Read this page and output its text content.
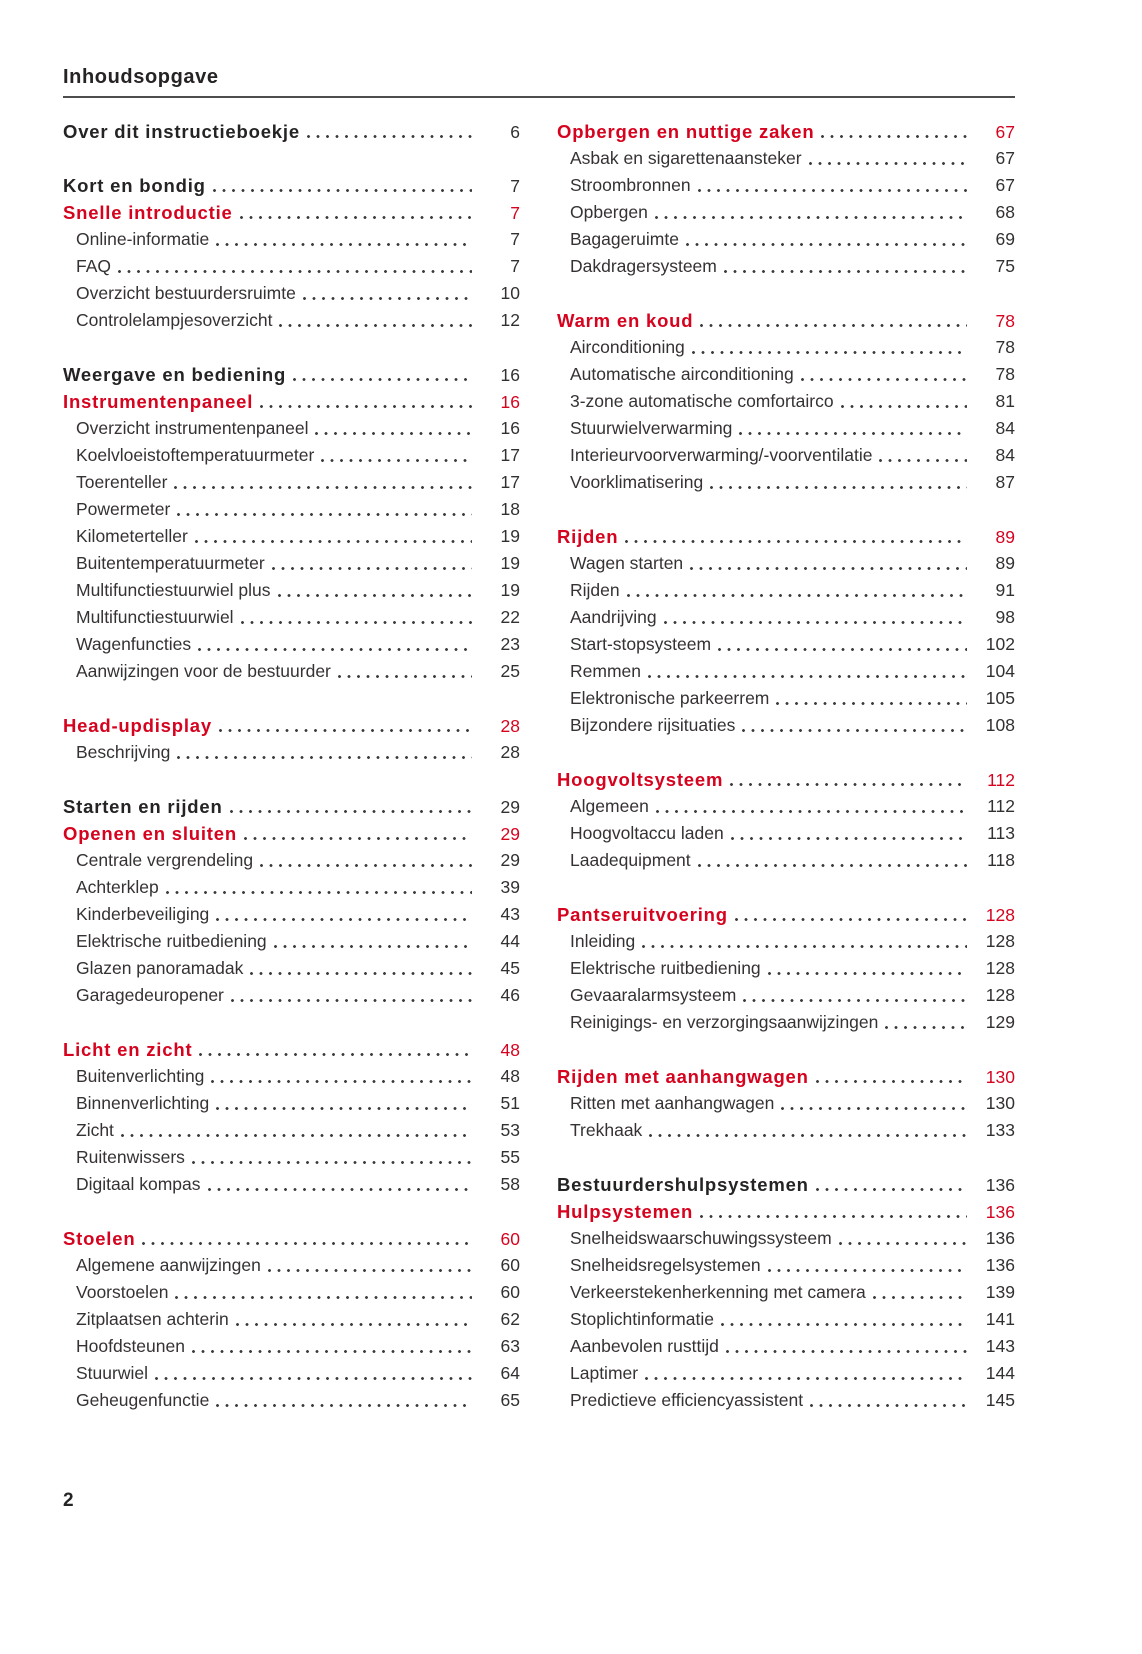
Inhoudsopgave
Over dit instructieboekje	6
Kort en bondig	7
Snelle introductie	7
Online-informatie	7
FAQ	7
Overzicht bestuurdersruimte	10
Controlelampjesoverzicht	12
Weergave en bediening	16
Instrumentenpaneel	16
Overzicht instrumentenpaneel	16
Koelvloeistoftemperatuurmeter	17
Toerenteller	17
Powermeter	18
Kilometerteller	19
Buitentemperatuurmeter	19
Multifunctiestuurwiel plus	19
Multifunctiestuurwiel	22
Wagenfuncties	23
Aanwijzingen voor de bestuurder	25
Head-updisplay	28
Beschrijving	28
Starten en rijden	29
Openen en sluiten	29
Centrale vergrendeling	29
Achterklep	39
Kinderbeveiliging	43
Elektrische ruitbediening	44
Glazen panoramadak	45
Garagedeuropener	46
Licht en zicht	48
Buitenverlichting	48
Binnenverlichting	51
Zicht	53
Ruitenwissers	55
Digitaal kompas	58
Stoelen	60
Algemene aanwijzingen	60
Voorstoelen	60
Zitplaatsen achterin	62
Hoofdsteunen	63
Stuurwiel	64
Geheugenfunctie	65
Opbergen en nuttige zaken	67
Asbak en sigarettenaansteker	67
Stroombronnen	67
Opbergen	68
Bagageruimte	69
Dakdragersysteem	75
Warm en koud	78
Airconditioning	78
Automatische airconditioning	78
3-zone automatische comfortairco	81
Stuurwielverwarming	84
Interieurvoorverwarming/-voorventilatie	84
Voorklimatisering	87
Rijden	89
Wagen starten	89
Rijden	91
Aandrijving	98
Start-stopsysteem	102
Remmen	104
Elektronische parkeerrem	105
Bijzondere rijsituaties	108
Hoogvoltsysteem	112
Algemeen	112
Hoogvoltaccu laden	113
Laadequipment	118
Pantseruitvoering	128
Inleiding	128
Elektrische ruitbediening	128
Gevaaralarmsysteem	128
Reinigings- en verzorgingsaanwijzingen	129
Rijden met aanhangwagen	130
Ritten met aanhangwagen	130
Trekhaak	133
Bestuurdershulpsystemen	136
Hulpsystemen	136
Snelheidswaarschuwingssysteem	136
Snelheidsregelsystemen	136
Verkeerstekenherkenning met camera	139
Stoplichtinformatie	141
Aanbevolen rusttijd	143
Laptimer	144
Predictieve efficiencyassistent	145
2
